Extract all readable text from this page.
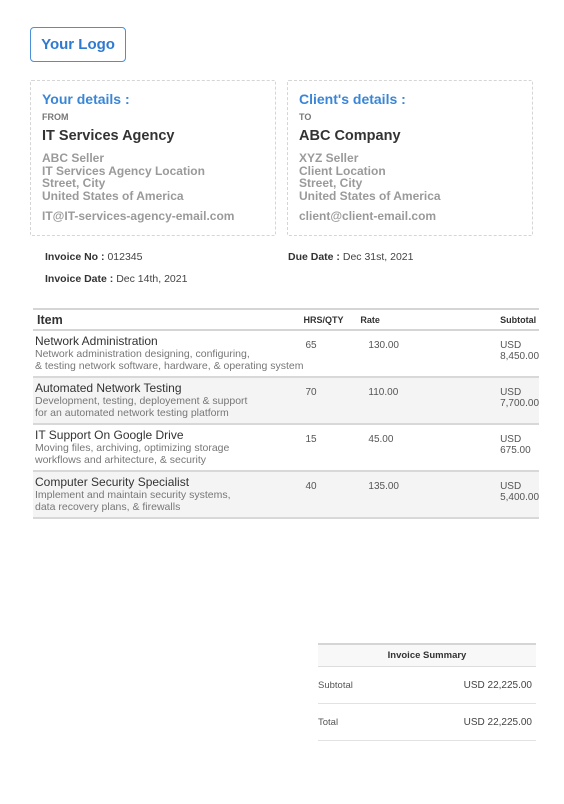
Your Logo
Your details :
FROM
IT Services Agency
ABC Seller
IT Services Agency Location
Street, City
United States of America
IT@IT-services-agency-email.com
Client's details :
TO
ABC Company
XYZ Seller
Client Location
Street, City
United States of America
client@client-email.com
Invoice No : 012345
Invoice Date : Dec 14th, 2021
Due Date : Dec 31st, 2021
Item	HRS/QTY	Rate	Subtotal

Network Administration
Network administration designing, configuring,
& testing network software, hardware, & operating system	65	130.00	USD 8,450.00

Automated Network Testing
Development, testing, deployement & support
for an automated network testing platform	70	110.00	USD 7,700.00

IT Support On Google Drive
Moving files, archiving, optimizing storage
workflows and arhitecture, & security	15	45.00	USD 675.00

Computer Security Specialist
Implement and maintain security systems,
data recovery plans, & firewalls	40	135.00	USD 5,400.00
Invoice Summary
Subtotal	USD 22,225.00
Total	USD 22,225.00
